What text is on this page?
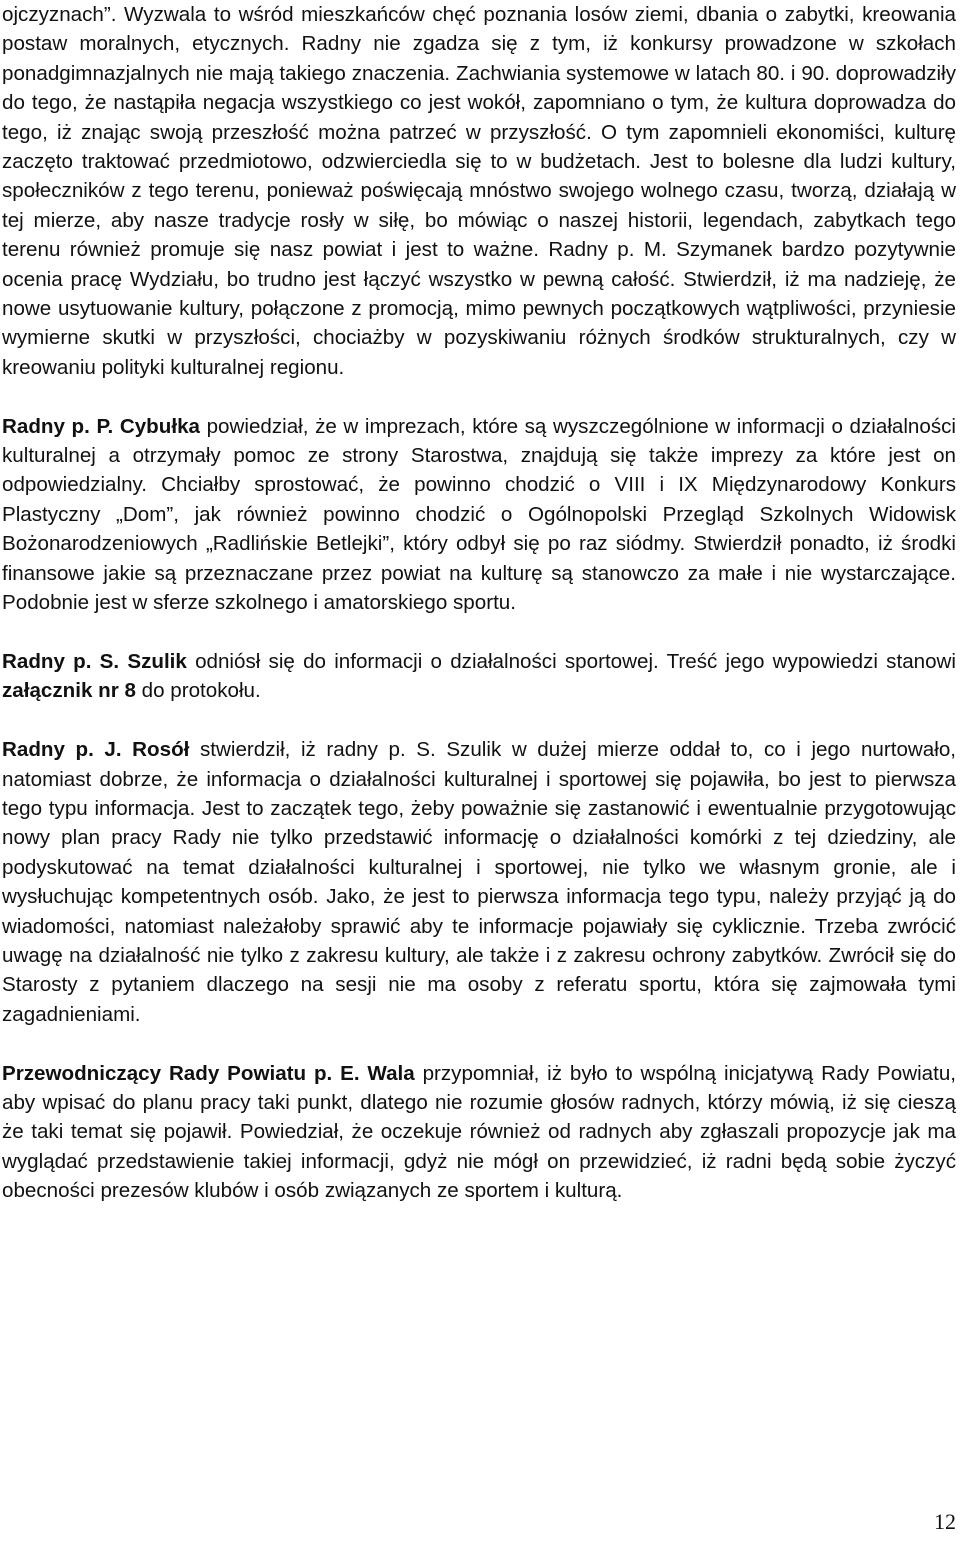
ojczyznach”. Wyzwala to wśród mieszkańców chęć poznania losów ziemi, dbania o zabytki, kreowania postaw moralnych, etycznych. Radny nie zgadza się z tym, iż konkursy prowadzone w szkołach ponadgimnazjalnych nie mają takiego znaczenia. Zachwiania systemowe w latach 80. i 90. doprowadziły do tego, że nastąpiła negacja wszystkiego co jest wokół, zapomniano o tym, że kultura doprowadza do tego, iż znając swoją przeszłość można patrzeć w przyszłość. O tym zapomnieli ekonomiści, kulturę zaczęto traktować przedmiotowo, odzwierciedla się to w budżetach. Jest to bolesne dla ludzi kultury, społeczników z tego terenu, ponieważ poświęcają mnóstwo swojego wolnego czasu, tworzą, działają w tej mierze, aby nasze tradycje rosły w siłę, bo mówiąc o naszej historii, legendach, zabytkach tego terenu również promuje się nasz powiat i jest to ważne. Radny p. M. Szymanek bardzo pozytywnie ocenia pracę Wydziału, bo trudno jest łączyć wszystko w pewną całość. Stwierdził, iż ma nadzieję, że nowe usytuowanie kultury, połączone z promocją, mimo pewnych początkowych wątpliwości, przyniesie wymierne skutki w przyszłości, chociażby w pozyskiwaniu różnych środków strukturalnych, czy w kreowaniu polityki kulturalnej regionu.

Radny p. P. Cybułka powiedział, że w imprezach, które są wyszczególnione w informacji o działalności kulturalnej a otrzymały pomoc ze strony Starostwa, znajdują się także imprezy za które jest on odpowiedzialny. Chciałby sprostować, że powinno chodzić o VIII i IX Międzynarodowy Konkurs Plastyczny „Dom”, jak również powinno chodzić o Ogólnopolski Przegląd Szkolnych Widowisk Bożonarodzeniowych „Radlińskie Betlejki”, który odbył się po raz siódmy. Stwierdził ponadto, iż środki finansowe jakie są przeznaczane przez powiat na kulturę są stanowczo za małe i nie wystarczające. Podobnie jest w sferze szkolnego i amatorskiego sportu.

Radny p. S. Szulik odniósł się do informacji o działalności sportowej. Treść jego wypowiedzi stanowi załącznik nr 8 do protokołu.

Radny p. J. Rosół stwierdził, iż radny p. S. Szulik w dużej mierze oddał to, co i jego nurtowało, natomiast dobrze, że informacja o działalności kulturalnej i sportowej się pojawiła, bo jest to pierwsza tego typu informacja. Jest to zaczątek tego, żeby poważnie się zastanowić i ewentualnie przygotowując nowy plan pracy Rady nie tylko przedstawić informację o działalności komórki z tej dziedziny, ale podyskutować na temat działalności kulturalnej i sportowej, nie tylko we własnym gronie, ale i wysłuchując kompetentnych osób. Jako, że jest to pierwsza informacja tego typu, należy przyjąć ją do wiadomości, natomiast należałoby sprawić aby te informacje pojawiały się cyklicznie. Trzeba zwrócić uwagę na działalność nie tylko z zakresu kultury, ale także i z zakresu ochrony zabytków. Zwrócił się do Starosty z pytaniem dlaczego na sesji nie ma osoby z referatu sportu, która się zajmowała tymi zagadnieniami.

Przewodniczący Rady Powiatu p. E. Wala przypomniał, iż było to wspólną inicjatywą Rady Powiatu, aby wpisać do planu pracy taki punkt, dlatego nie rozumie głosów radnych, którzy mówią, iż się cieszą że taki temat się pojawił. Powiedział, że oczekuje również od radnych aby zgłaszali propozycje jak ma wyglądać przedstawienie takiej informacji, gdyż nie mógł on przewidzieć, iż radni będą sobie życzyć obecności prezesów klubów i osób związanych ze sportem i kulturą.

12
